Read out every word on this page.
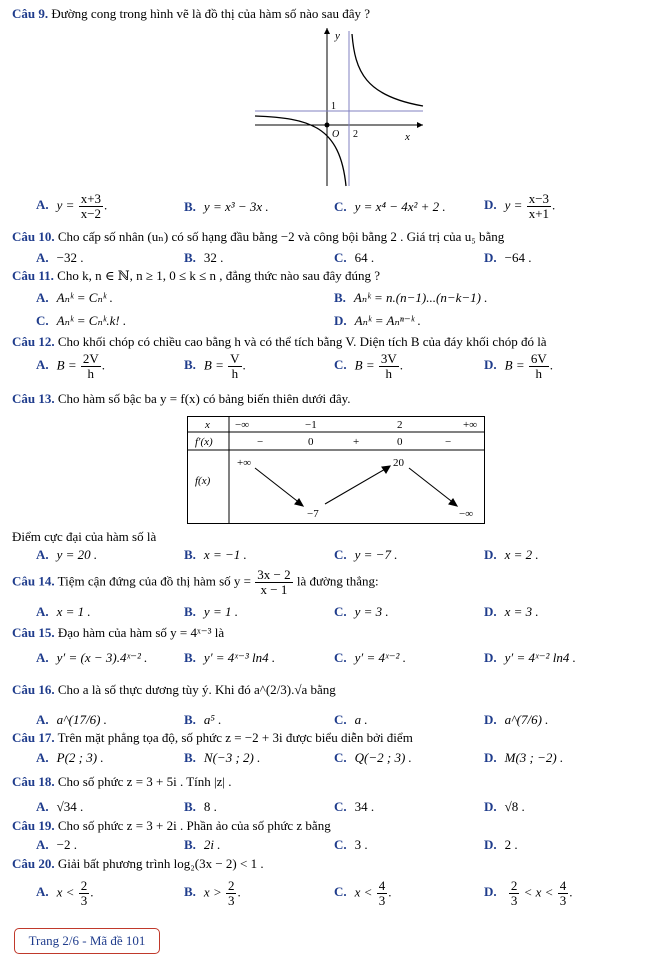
Câu 9. Đường cong trong hình vẽ là đồ thị của hàm số nào sau đây ?
y
x
O 2
1
A. $y = \frac{x+3}{x-2}$ .	B. y = x³ − 3x .	C. y = x⁴ − 4x² + 2 .	D. $y = \frac{x-3}{x+1}$ .
Câu 10. Cho cấp số nhân (uₙ) có số hạng đầu bằng −2 và công bội bằng 2 . Giá trị của u₅ bằng
A. −32 .	B. 32 .	C. 64 .	D. −64 .
Câu 11. Cho k, n ∈ ℕ, n ≥ 1, 0 ≤ k ≤ n , đẳng thức nào sau đây đúng ?
A. Aₙᵏ = Cₙᵏ .	B. Aₙᵏ = n.(n−1)...(n−k−1) .
C. Aₙᵏ = Cₙᵏ.k! .	D. Aₙᵏ = Aₙⁿ⁻ᵏ .
Câu 12. Cho khối chóp có chiều cao bằng h và có thể tích bằng V. Diện tích B của đáy khối chóp đó là
A. $B = \frac{2V}{h}$ .	B. $B = \frac{V}{h}$ .	C. $B = \frac{3V}{h}$ .	D. $B = \frac{6V}{h}$ .
Câu 13. Cho hàm số bậc ba y = f(x) có bảng biến thiên dưới đây.
x −∞	−1	2	+∞
f′(x)	−	0	+	0	−
f(x)
+∞
−7
20
−∞
Điểm cực đại của hàm số là
A. y = 20 .	B. x = −1 .	C. y = −7 .	D. x = 2 .
Câu 14. Tiệm cận đứng của đồ thị hàm số $y = \frac{3x - 2}{x - 1}$ là đường thẳng:
A. x = 1 .	B. y = 1 .	C. y = 3 .	D. x = 3 .
Câu 15. Đạo hàm của hàm số y = 4ˣ⁻³ là
A. y′ = (x − 3).4ˣ⁻² .	B. y′ = 4ˣ⁻³ ln4 .	C. y′ = 4ˣ⁻² .	D. y′ = 4ˣ⁻² ln4 .
Câu 16. Cho a là số thực dương tùy ý. Khi đó a^(2/3).√a bằng
A. a^(17/6) .	B. a⁵ .	C. a .	D. a^(7/6) .
Câu 17. Trên mặt phẳng tọa độ, số phức z = −2 + 3i được biểu diễn bởi điểm
A. P(2 ; 3) .	B. N(−3 ; 2) .	C. Q(−2 ; 3) .	D. M(3 ; −2) .
Câu 18. Cho số phức z = 3 + 5i . Tính |z| .
A. √34 .	B. 8 .	C. 34 .	D. √8 .
Câu 19. Cho số phức z = 3 + 2i . Phần ảo của số phức z bằng
A. −2 .	B. 2i .	C. 3 .	D. 2 .
Câu 20. Giải bất phương trình log₂(3x − 2) < 1 .
A. $x < \frac{2}{3}$ .	B. $x > \frac{2}{3}$ .	C. $x < \frac{4}{3}$ .	D. $\frac{2}{3} < x < \frac{4}{3}$ .
Trang 2/6 - Mã đề 101
